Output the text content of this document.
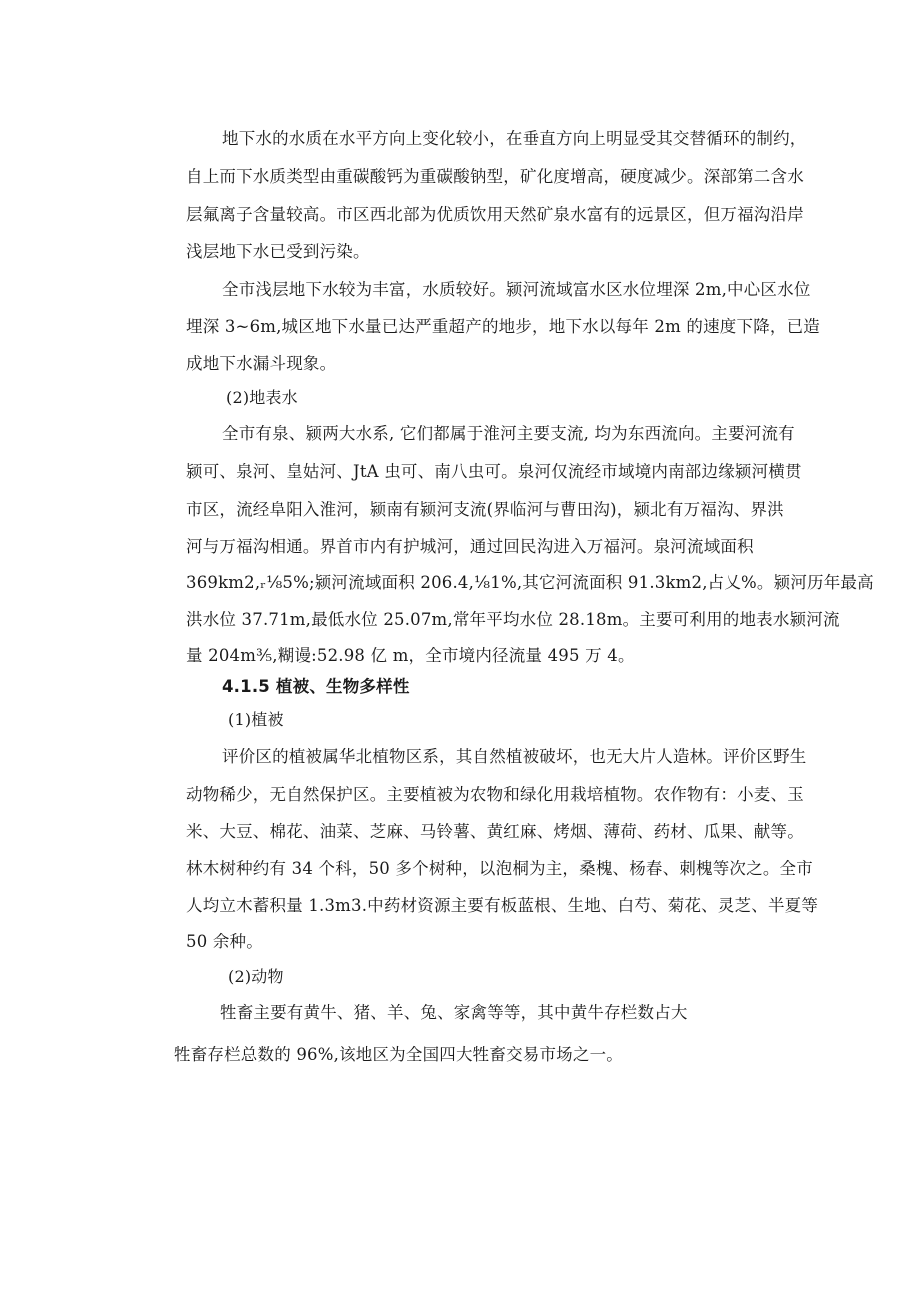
地下水的水质在水平方向上变化较小，在垂直方向上明显受其交替循环的制约，
自上而下水质类型由重碳酸钙为重碳酸钠型，矿化度增高，硬度减少。深部第二含水
层氟离子含量较高。市区西北部为优质饮用天然矿泉水富有的远景区，但万福沟沿岸
浅层地下水已受到污染。
全市浅层地下水较为丰富，水质较好。颍河流域富水区水位埋深 2m,中心区水位
埋深 3~6m,城区地下水量已达严重超产的地步，地下水以每年 2m 的速度下降，已造
成地下水漏斗现象。
(2)地表水
全市有泉、颍两大水系, 它们都属于淮河主要支流, 均为东西流向。主要河流有
颍可、泉河、皇姑河、JtA 虫可、南八虫可。泉河仅流经市域境内南部边缘颍河横贯
市区，流经阜阳入淮河，颍南有颍河支流(界临河与曹田沟)，颍北有万福沟、界洪
河与万福沟相通。界首市内有护城河，通过回民沟进入万福河。泉河流域面积
369km2,ᵣ⅛5%;颍河流域面积 206.4,⅛1%,其它河流面积 91.3km2,占乂%。颍河历年最高
洪水位 37.71m,最低水位 25.07m,常年平均水位 28.18m。主要可利用的地表水颍河流
量 204m⅗,糊谩:52.98 亿 m，全市境内径流量 495 万 4。
4.1.5 植被、生物多样性
(1)植被
评价区的植被属华北植物区系，其自然植被破坏，也无大片人造林。评价区野生
动物稀少，无自然保护区。主要植被为农物和绿化用栽培植物。农作物有：小麦、玉
米、大豆、棉花、油菜、芝麻、马铃薯、黄红麻、烤烟、薄荷、药材、瓜果、献等。
林木树种约有 34 个科，50 多个树种，以泡桐为主，桑槐、杨春、刺槐等次之。全市
人均立木蓄积量 1.3m3.中药材资源主要有板蓝根、生地、白芍、菊花、灵芝、半夏等
50 余种。
(2)动物
牲畜主要有黄牛、猪、羊、兔、家禽等等，其中黄牛存栏数占大
牲畜存栏总数的 96%,该地区为全国四大牲畜交易市场之一。
